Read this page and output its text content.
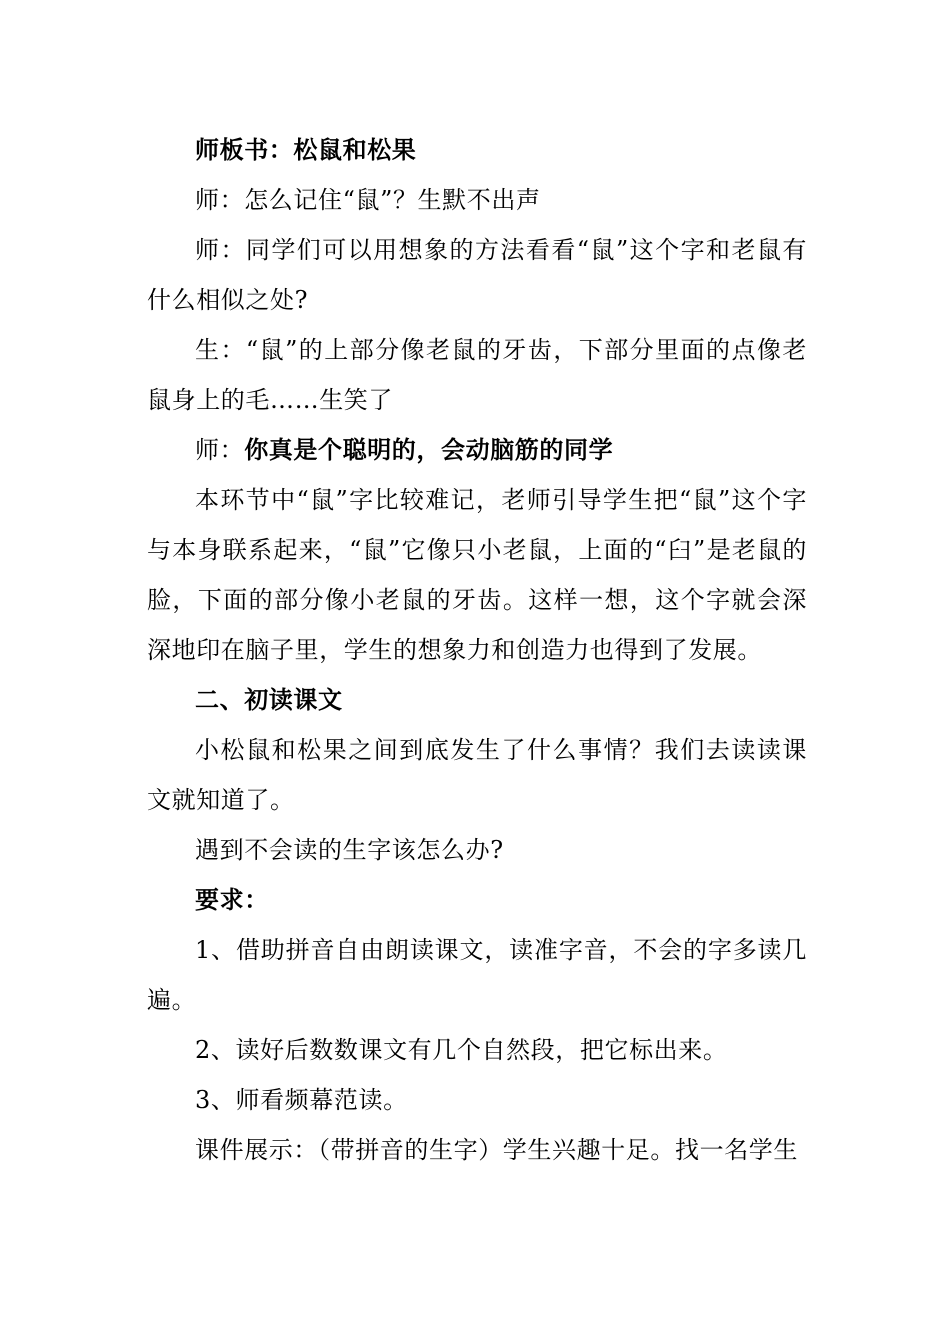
师板书：松鼠和松果

师：怎么记住“鼠”？生默不出声

师：同学们可以用想象的方法看看“鼠”这个字和老鼠有什么相似之处?

生：“鼠”的上部分像老鼠的牙齿，下部分里面的点像老鼠身上的毛……生笑了

师：你真是个聪明的，会动脑筋的同学

本环节中“鼠”字比较难记，老师引导学生把“鼠”这个字与本身联系起来，“鼠”它像只小老鼠，上面的“臼”是老鼠的脸，下面的部分像小老鼠的牙齿。这样一想，这个字就会深深地印在脑子里，学生的想象力和创造力也得到了发展。

二、初读课文

小松鼠和松果之间到底发生了什么事情？我们去读读课文就知道了。

遇到不会读的生字该怎么办?

要求：

1、借助拼音自由朗读课文，读准字音，不会的字多读几遍。

2、读好后数数课文有几个自然段，把它标出来。

3、师看频幕范读。

课件展示：（带拼音的生字）学生兴趣十足。找一名学生
